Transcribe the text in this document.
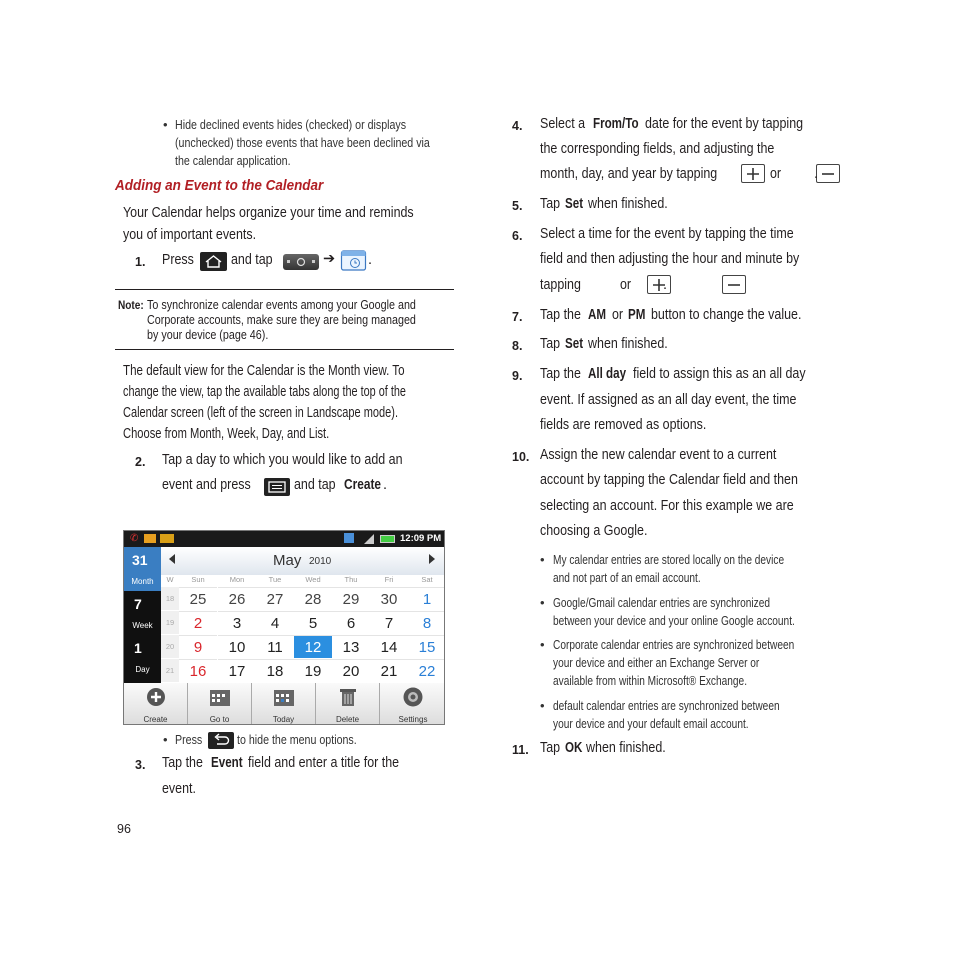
• Hide declined events hides (checked) or displays
(unchecked) those events that have been declined via
the calendar application.
Adding an Event to the Calendar
Your Calendar helps organize your time and reminds
you of important events.
1. Press	and tap	➔ .
Note: To synchronize calendar events among your Google and
Corporate accounts, make sure they are being managed
by your device (page 46).
The default view for the Calendar is the Month view. To
change the view, tap the available tabs along the top of the
Calendar screen (left of the screen in Landscape mode).
Choose from Month, Week, Day, and List.
2. Tap a day to which you would like to add an
event and press	and tap Create .
✆	12:09 PM
31
Month
7
Week
1
Day
May 2010
W	Sun	Mon	Tue	Wed	Thu	Fri	Sat
18	25	26	27	28	29	30	1
19	2	3	4	5	6	7	8
20	9	10	11	12	13	14	15
21	16	17	18	19	20	21	22
Create	Go to	Today	Delete	Settings
• Press	to hide the menu options.
3. Tap the Event field and enter a title for the
event.
96
4. Select a From/To date for the event by tapping
the corresponding fields, and adjusting the
month, day, and year by tapping
	or
.
5. Tap Set when finished.
6. Select a time for the event by tapping the time
field and then adjusting the hour and minute by
tapping
	or .
7. Tap the AM or PM button to change the value.
8. Tap Set when finished.
9. Tap the All day field to assign this as an all day
event. If assigned as an all day event, the time
fields are removed as options.
10. Assign the new calendar event to a current
account by tapping the Calendar field and then
selecting an account. For this example we are
choosing a Google.
• My calendar entries are stored locally on the device
and not part of an email account.
• Google/Gmail calendar entries are synchronized
between your device and your online Google account.
• Corporate calendar entries are synchronized between
your device and either an Exchange Server or
available from within Microsoft® Exchange.
• default calendar entries are synchronized between
your device and your default email account.
11. Tap OK when finished.
